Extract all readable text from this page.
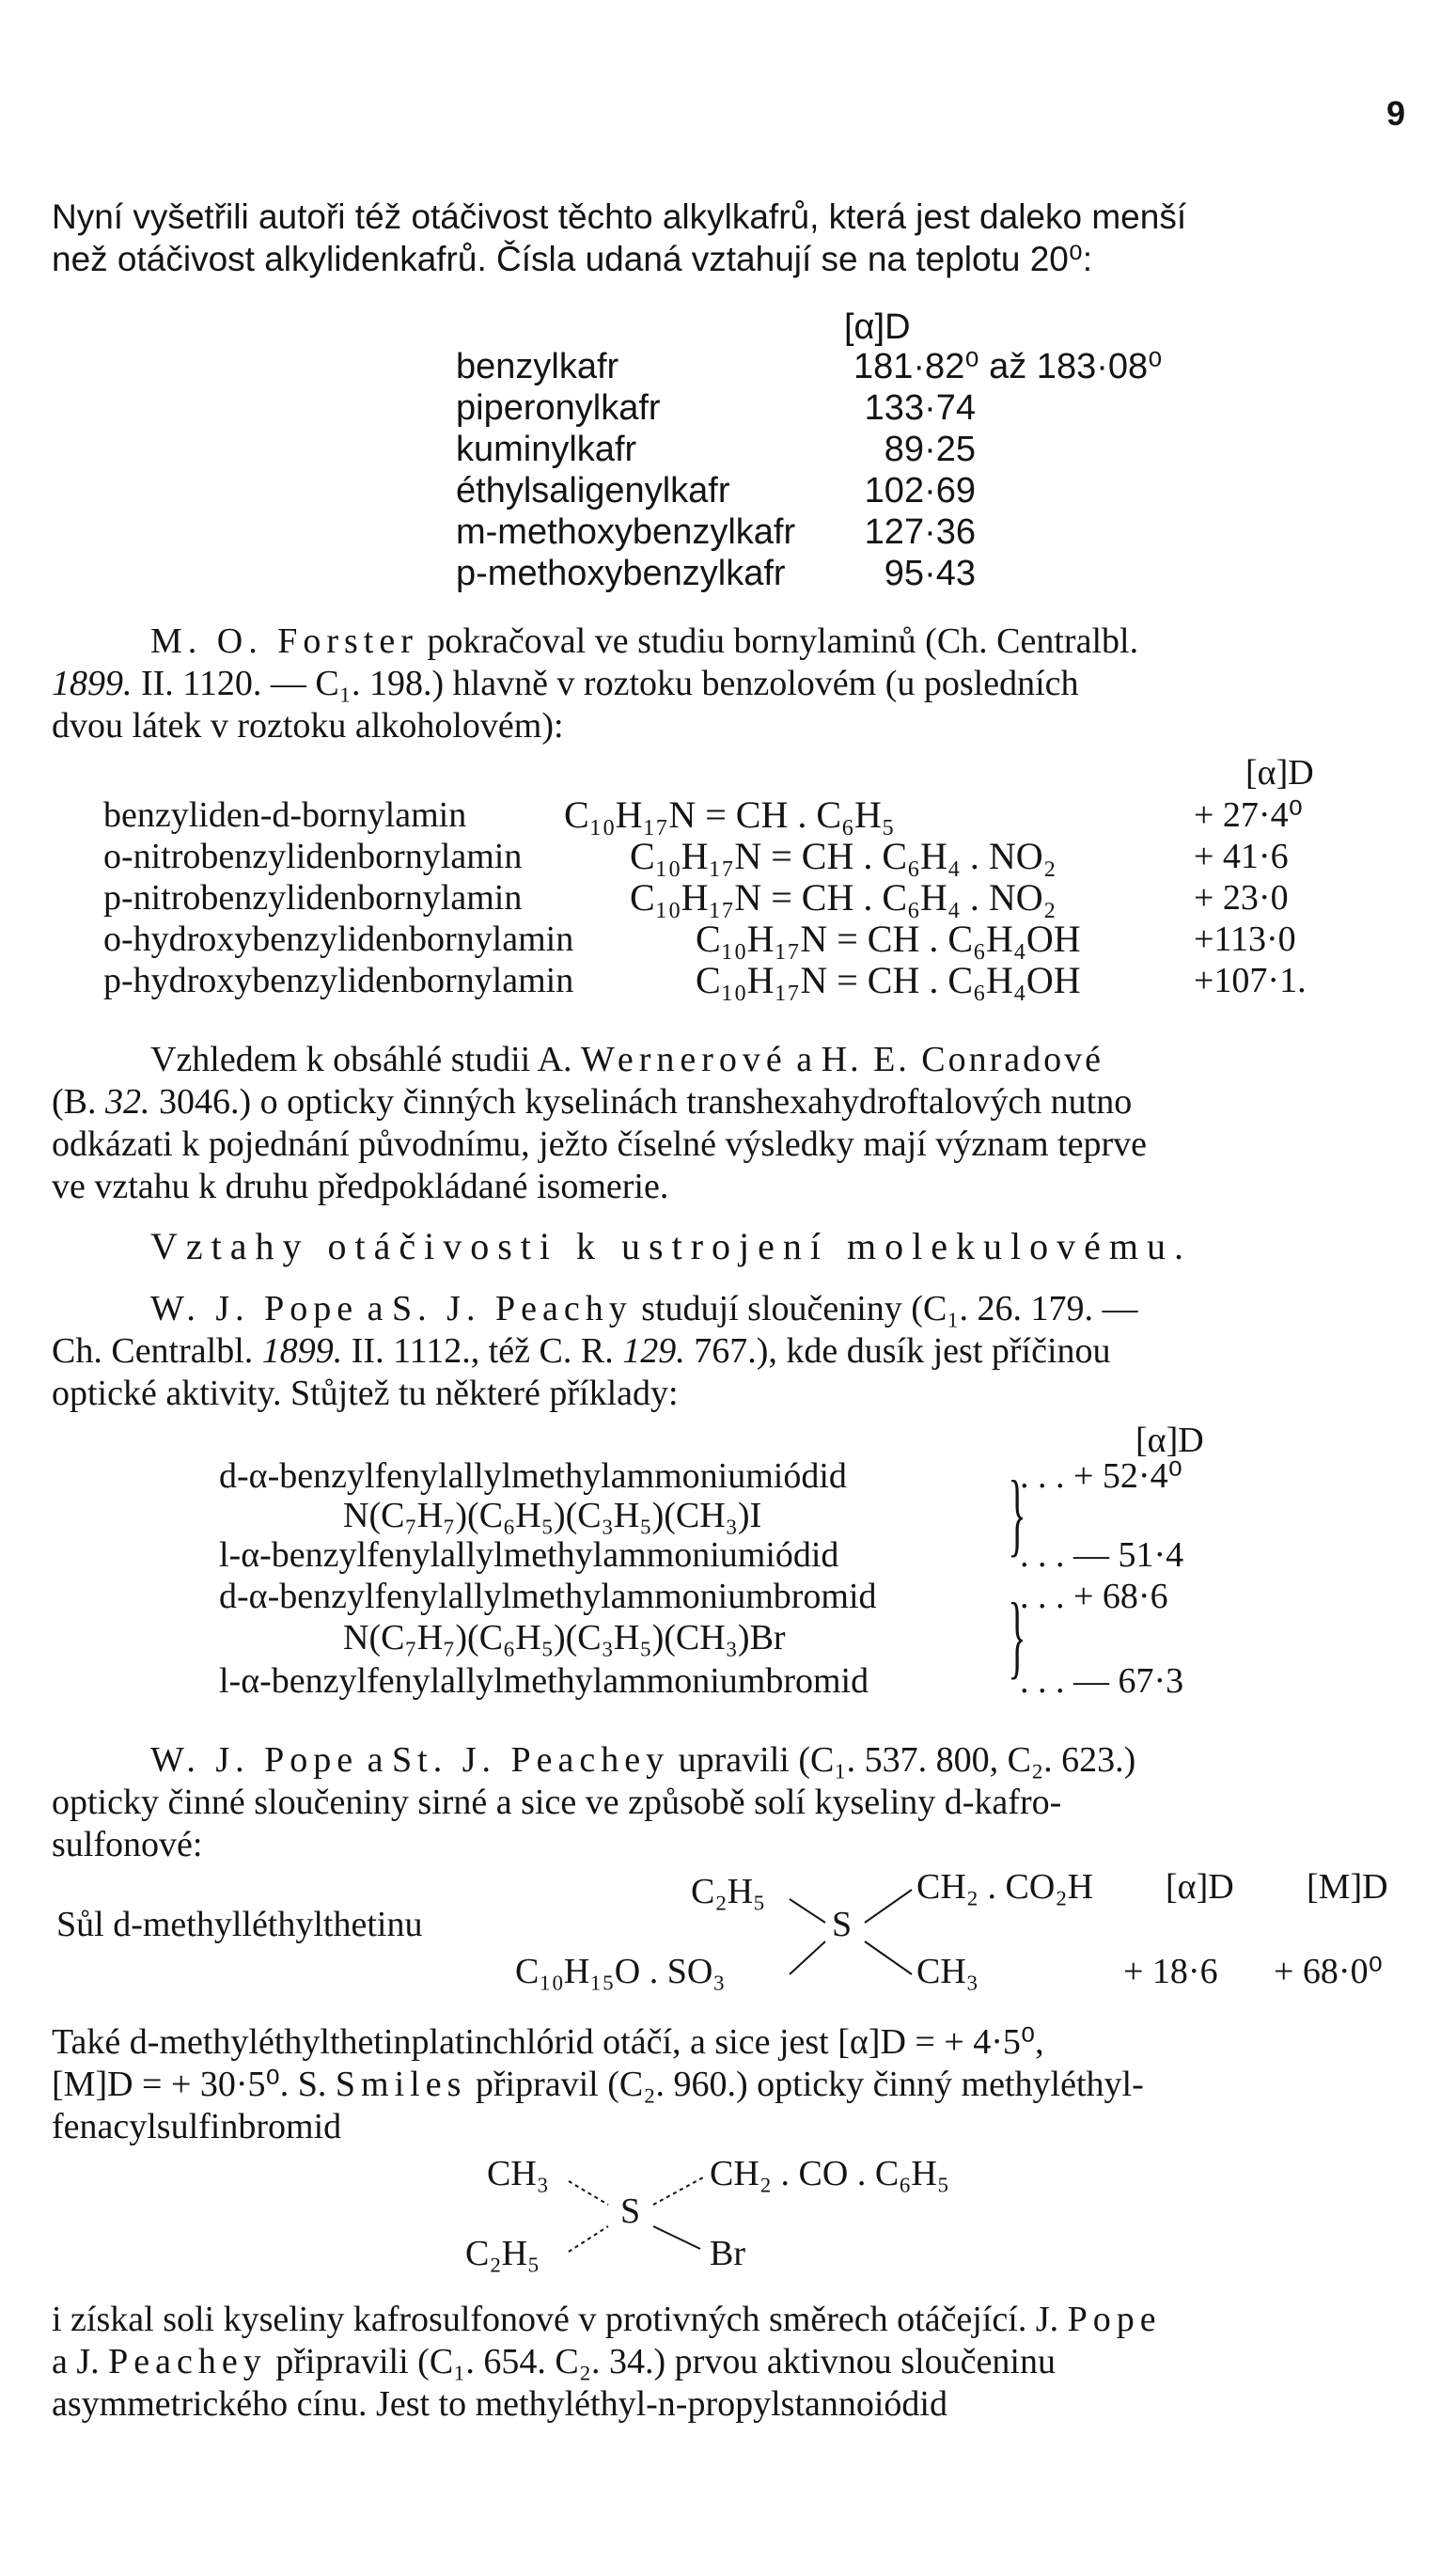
9
Nyní vyšetřili autoři též otáčivost těchto alkylkafrů, která jest daleko menší
než otáčivost alkylidenkafrů. Čísla udaná vztahují se na teplotu 20⁰:
[α]D
benzylkafr
piperonylkafr
kuminylkafr
éthylsaligenylkafr
m-methoxybenzylkafr
p-methoxybenzylkafr
181·82⁰ až 183·08⁰
133·74
89·25
102·69
127·36
95·43
M. O. Forster pokračoval ve studiu bornylaminů (Ch. Centralbl.
1899. II. 1120. — C₁. 198.) hlavně v roztoku benzolovém (u posledních
dvou látek v roztoku alkoholovém):
[α]D
benzyliden-d-bornylamin
o-nitrobenzylidenbornylamin
p-nitrobenzylidenbornylamin
o-hydroxybenzylidenbornylamin
p-hydroxybenzylidenbornylamin
C₁₀H₁₇N = CH . C₆H₅
C₁₀H₁₇N = CH . C₆H₄ . NO₂
C₁₀H₁₇N = CH . C₆H₄ . NO₂
C₁₀H₁₇N = CH . C₆H₄OH
C₁₀H₁₇N = CH . C₆H₄OH
+ 27·4⁰
+ 41·6
+ 23·0
+113·0
+107·1.
Vzhledem k obsáhlé studii A. Wernerové a H. E. Conradové
(B. 32. 3046.) o opticky činných kyselinách transhexahydroftalových nutno
odkázati k pojednání původnímu, ježto číselné výsledky mají význam teprve
ve vztahu k druhu předpokládané isomerie.
Vztahy otáčivosti k ustrojení molekulovému.
W. J. Pope a S. J. Peachy studují sloučeniny (C₁. 26. 179. —
Ch. Centralbl. 1899. II. 1112., též C. R. 129. 767.), kde dusík jest příčinou
optické aktivity. Stůjtež tu některé příklady:
[α]D
d-α-benzylfenylallylmethylammoniumiódid
N(C₇H₇)(C₆H₅)(C₃H₅)(CH₃)I
l-α-benzylfenylallylmethylammoniumiódid }
. . . + 52·4⁰
. . . — 51·4
d-α-benzylfenylallylmethylammoniumbromid
N(C₇H₇)(C₆H₅)(C₃H₅)(CH₃)Br
l-α-benzylfenylallylmethylammoniumbromid }
. . . + 68·6
. . . — 67·3
W. J. Pope a St. J. Peachey upravili (C₁. 537. 800, C₂. 623.)
opticky činné sloučeniny sirné a sice ve způsobě solí kyseliny d-kafro-
sulfonové:
Sůl d-methylléthylthetinu
C₂H₅
C₁₀H₁₅O . SO₃
S
CH₂ . CO₂H
CH₃
[α]D [M]D
+ 18·6 + 68·0⁰
Také d-methyléthylthetinplatinchlórid otáčí, a sice jest [α]D = + 4·5⁰,
[M]D = + 30·5⁰. S. Smiles připravil (C₂. 960.) opticky činný methyléthyl-
fenacylsulfinbromid
CH₃
C₂H₅
S
CH₂ . CO . C₆H₅
Br
i získal soli kyseliny kafrosulfonové v protivných směrech otáčející. J. Pope
a J. Peachey připravili (C₁. 654. C₂. 34.) prvou aktivnou sloučeninu
asymmetrického cínu. Jest to methyléthyl-n-propylstannoiódid
